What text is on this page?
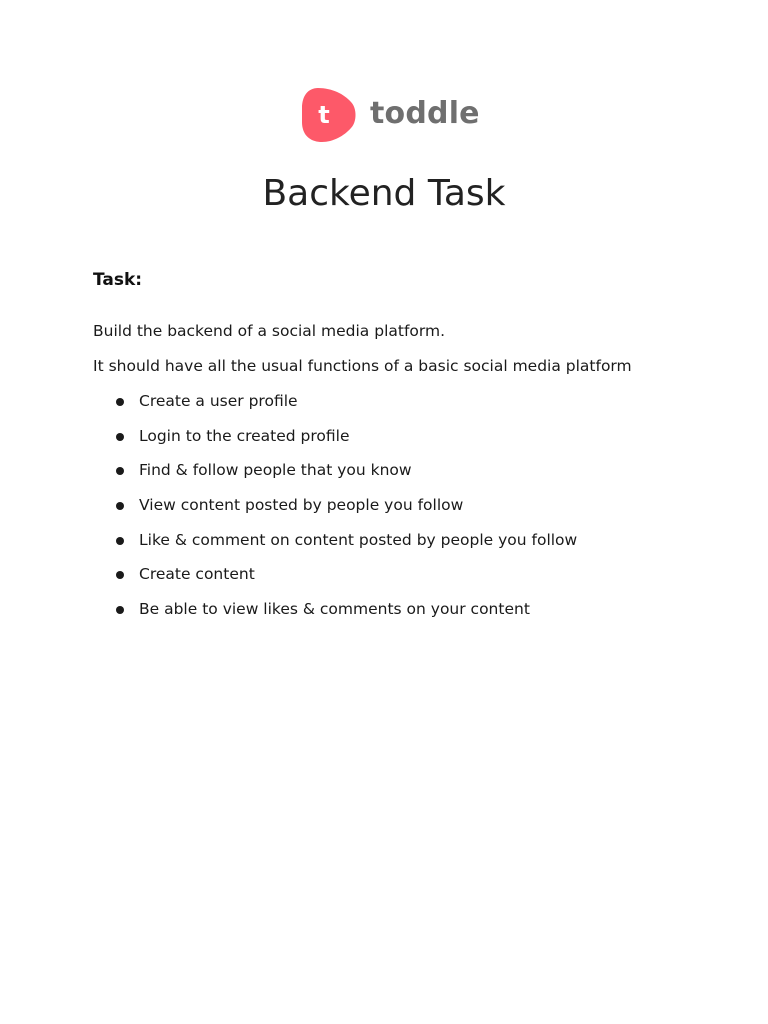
t toddle
Backend Task
Task:

Build the backend of a social media platform.

It should have all the usual functions of a basic social media platform

Create a user profile
Login to the created profile
Find & follow people that you know
View content posted by people you follow
Like & comment on content posted by people you follow
Create content
Be able to view likes & comments on your content
